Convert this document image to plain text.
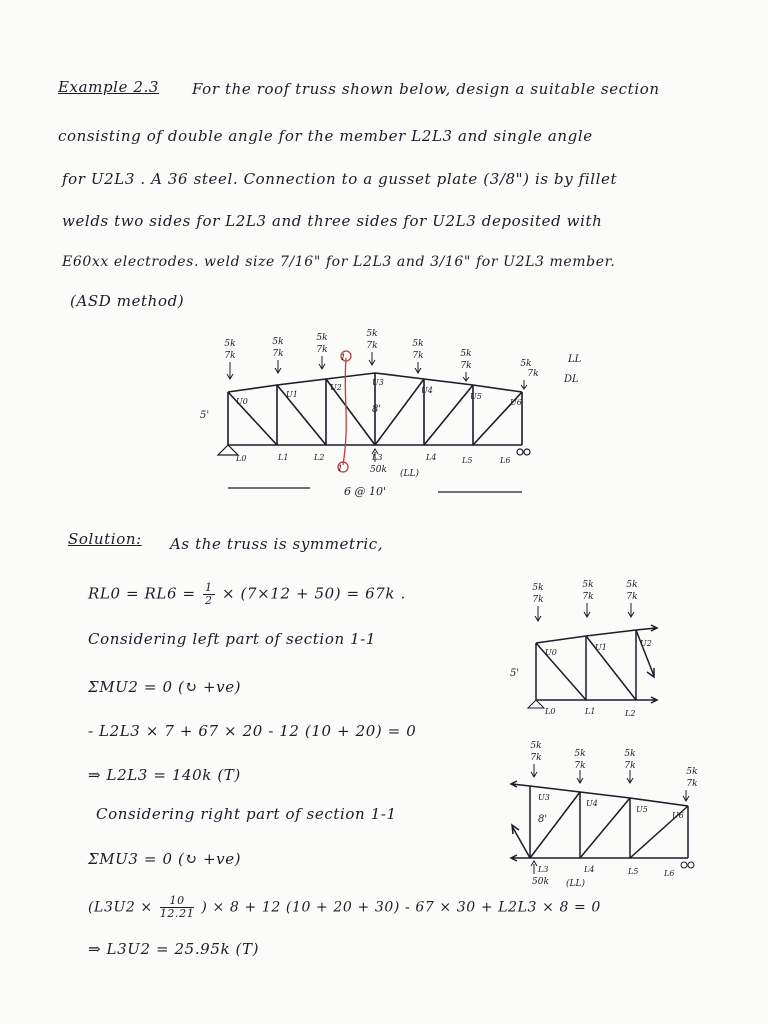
Example 2.3 For the roof truss shown below, design a suitable section
consisting of double angle for the member L2L3 and single angle
for U2L3 . A 36 steel. Connection to a gusset plate (3/8") is by fillet
welds two sides for L2L3 and three sides for U2L3 deposited with
E60xx electrodes. weld size 7/16" for L2L3 and 3/16" for U2L3 member.
(ASD method)
1
1
5k
7k
5k
7k
5k
7k
5k
7k	5k
7k	5k
7k	5k
7k
LL
DL
U0
U1
U2
U3
U4
U5
U6
L0	L1	L2	L3	L4	L5	L6
5'
8'
50k (LL)
6 @ 10'
Solution: As the truss is symmetric,
$RL0 = RL6 = \frac{1}{2} \times (7\times 12 + 50) = 67k$ .
Considering left part of section 1-1
ΣMU2 = 0 (↻ +ve)
- L2L3 × 7 + 67 × 20 - 12 (10 + 20) = 0
⇒ L2L3 = 140k (T)
Considering right part of section 1-1
ΣMU3 = 0 (↻ +ve)
($L3U2 \times \frac{10}{12.21}$ ) × 8 + 12 (10 + 20 + 30) - 67 × 30 + L2L3 × 8 = 0
⇒ L3U2 = 25.95k (T)
5k
7k
5k
7k
5k
7k
U0
U1	U2
L0	L1	L2
5'
5k
7k	5k
7k
5k
7k
5k
7k
50k (LL)
U3
U4
U5
U6
L3	L4	L5	L6
8'
